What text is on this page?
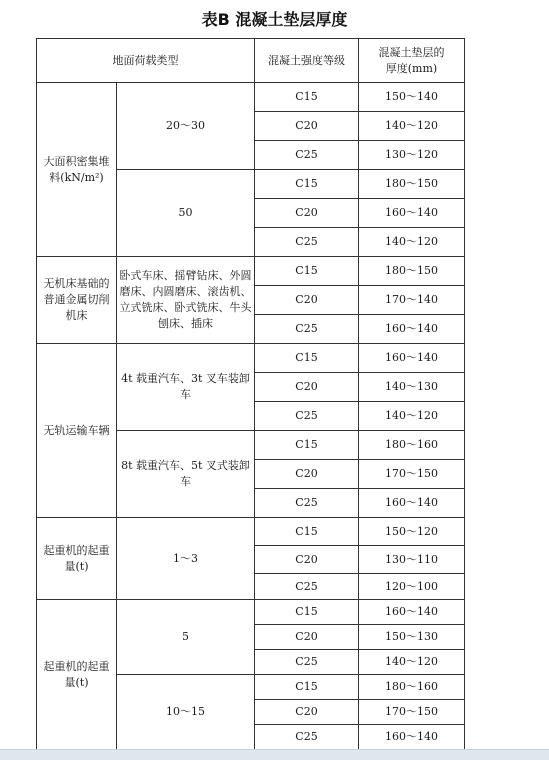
表B 混凝土垫层厚度
地面荷载类型		混凝土强度等级	混凝土垫层的
厚度(mm)

大面积密集堆料(kN/m²)	20～30	C15	150～140
		C20	140～120
		C25	130～120
	50	C15	180～150
		C20	160～140
		C25	140～120
无机床基础的普通金属切削机床	卧式车床、摇臂钻床、外圆磨床、内圆磨床、滚齿机、立式铣床、卧式铣床、牛头刨床、插床	C15	180～150
		C20	170～140
		C25	160～140
无轨运输车辆	4t 载重汽车、3t 叉车装卸车	C15	160～140
		C20	140～130
		C25	140～120
	8t 载重汽车、5t 叉式装卸车	C15	180～160
		C20	170～150
		C25	160～140
起重机的起重量(t)	1～3	C15	150～120
		C20	130～110
		C25	120～100
起重机的起重量(t)	5	C15	160～140
		C20	150～130
		C25	140～120
	10～15	C15	180～160
		C20	170～150
		C25	160～140
